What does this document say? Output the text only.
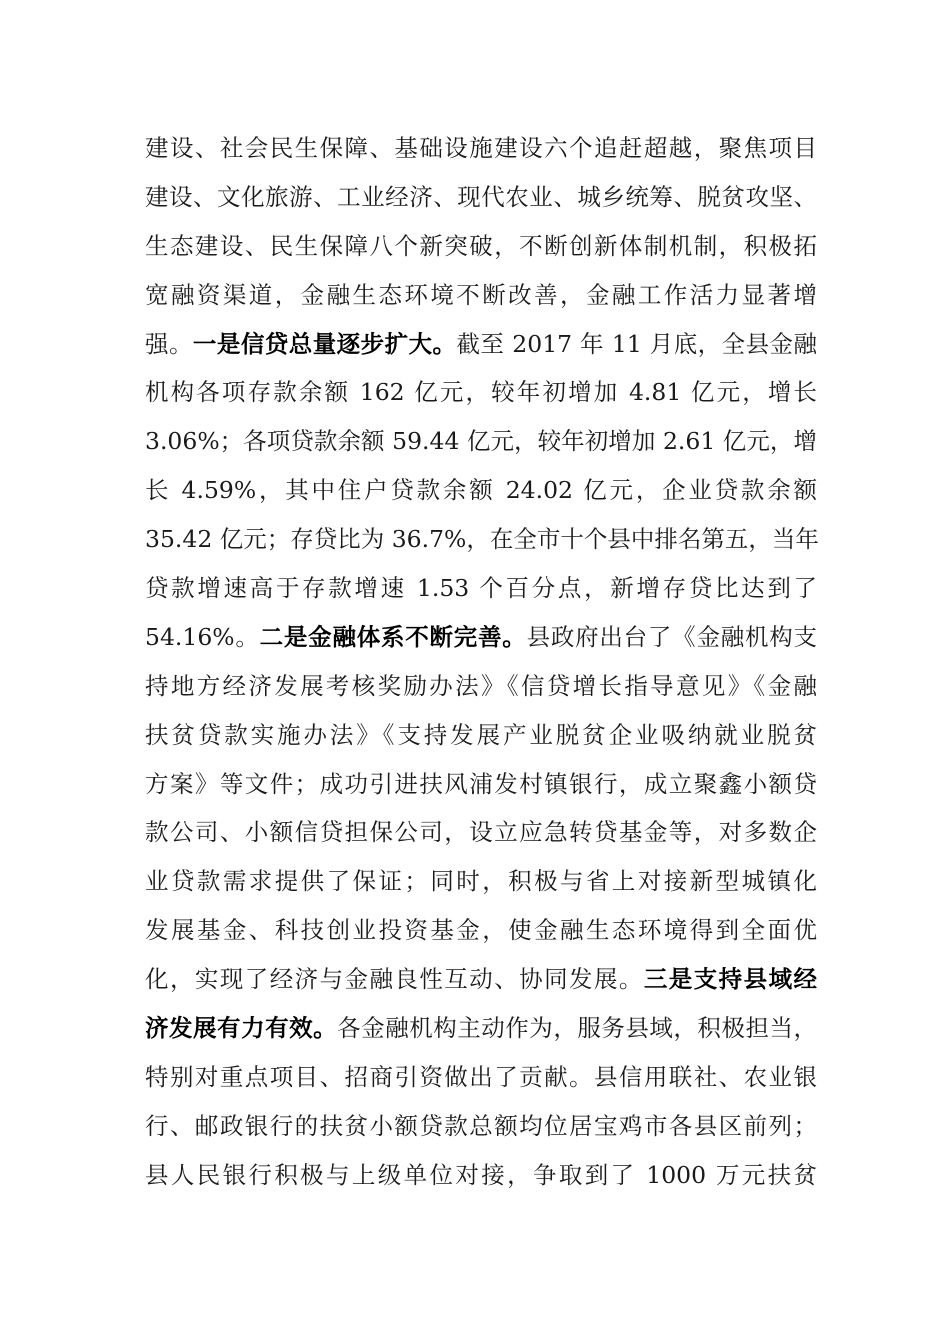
建设、社会民生保障、基础设施建设六个追赶超越，聚焦项目
建设、文化旅游、工业经济、现代农业、城乡统筹、脱贫攻坚、
生态建设、民生保障八个新突破，不断创新体制机制，积极拓
宽融资渠道，金融生态环境不断改善，金融工作活力显著增
强。一是信贷总量逐步扩大。截至 2017 年 11 月底，全县金融
机构各项存款余额 162 亿元，较年初增加 4.81 亿元，增长
3.06%；各项贷款余额 59.44 亿元，较年初增加 2.61 亿元，增
长 4.59%，其中住户贷款余额 24.02 亿元，企业贷款余额
35.42 亿元；存贷比为 36.7%，在全市十个县中排名第五，当年
贷款增速高于存款增速 1.53 个百分点，新增存贷比达到了
54.16%。二是金融体系不断完善。县政府出台了《金融机构支
持地方经济发展考核奖励办法》《信贷增长指导意见》《金融
扶贫贷款实施办法》《支持发展产业脱贫企业吸纳就业脱贫
方案》等文件；成功引进扶风浦发村镇银行，成立聚鑫小额贷
款公司、小额信贷担保公司，设立应急转贷基金等，对多数企
业贷款需求提供了保证；同时，积极与省上对接新型城镇化
发展基金、科技创业投资基金，使金融生态环境得到全面优
化，实现了经济与金融良性互动、协同发展。三是支持县域经
济发展有力有效。各金融机构主动作为，服务县域，积极担当，
特别对重点项目、招商引资做出了贡献。县信用联社、农业银
行、邮政银行的扶贫小额贷款总额均位居宝鸡市各县区前列；
县人民银行积极与上级单位对接，争取到了 1000 万元扶贫
